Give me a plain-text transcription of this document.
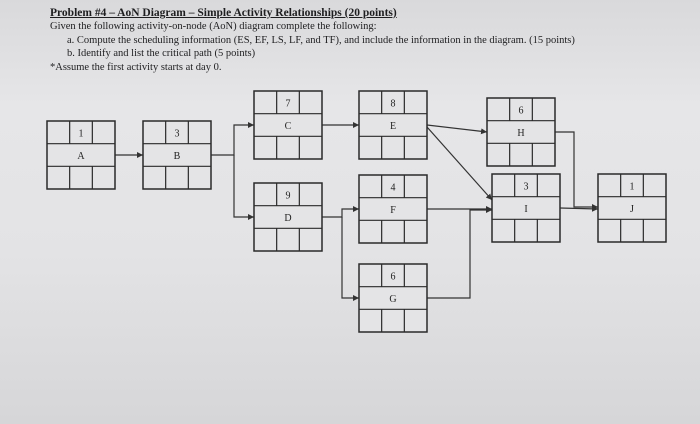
Problem #4 – AoN Diagram – Simple Activity Relationships (20 points)
Given the following activity-on-node (AoN) diagram complete the following:
a. Compute the scheduling information (ES, EF, LS, LF, and TF), and include the information in the diagram. (15 points)
b. Identify and list the critical path (5 points)
*Assume the first activity starts at day 0.
1
A
3
B
7
C
9
D
8
E
4
F
6
G
6
H
3
I
1
J
